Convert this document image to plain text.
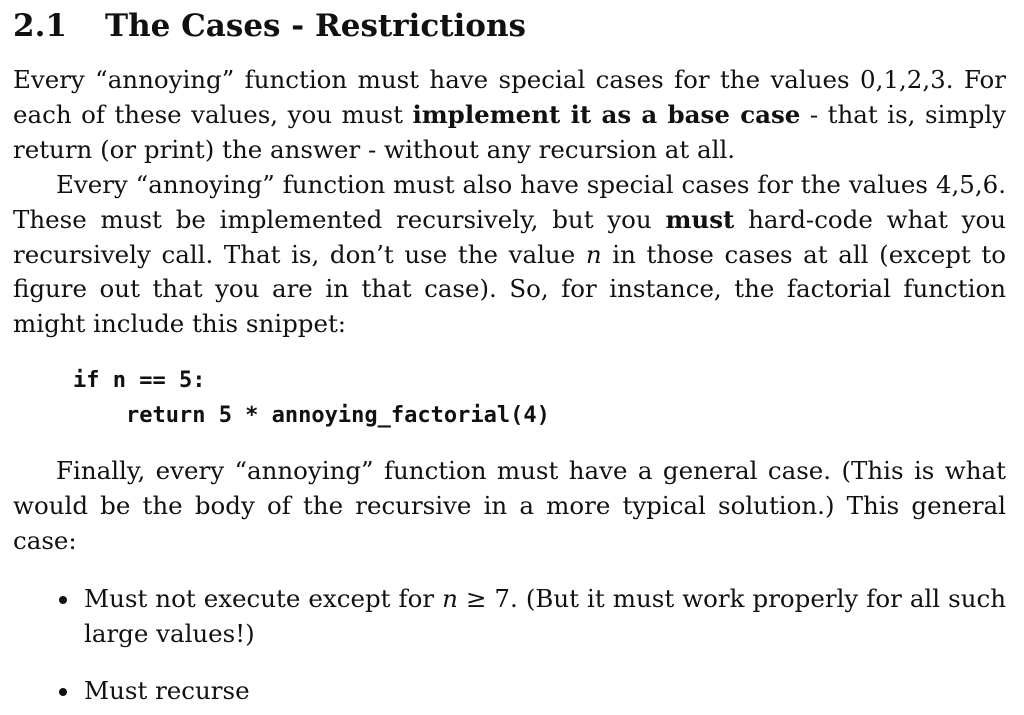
2.1 The Cases - Restrictions

Every “annoying” function must have special cases for the values 0,1,2,3. For each of these values, you must implement it as a base case - that is, simply return (or print) the answer - without any recursion at all.

Every “annoying” function must also have special cases for the values 4,5,6. These must be implemented recursively, but you must hard-code what you recursively call. That is, don’t use the value n in those cases at all (except to figure out that you are in that case). So, for instance, the factorial function might include this snippet:

if n == 5:
return 5 * annoying_factorial(4)

Finally, every “annoying” function must have a general case. (This is what would be the body of the recursive in a more typical solution.) This general case:

Must not execute except for n ≥ 7. (But it must work properly for all such large values!)
Must recurse
